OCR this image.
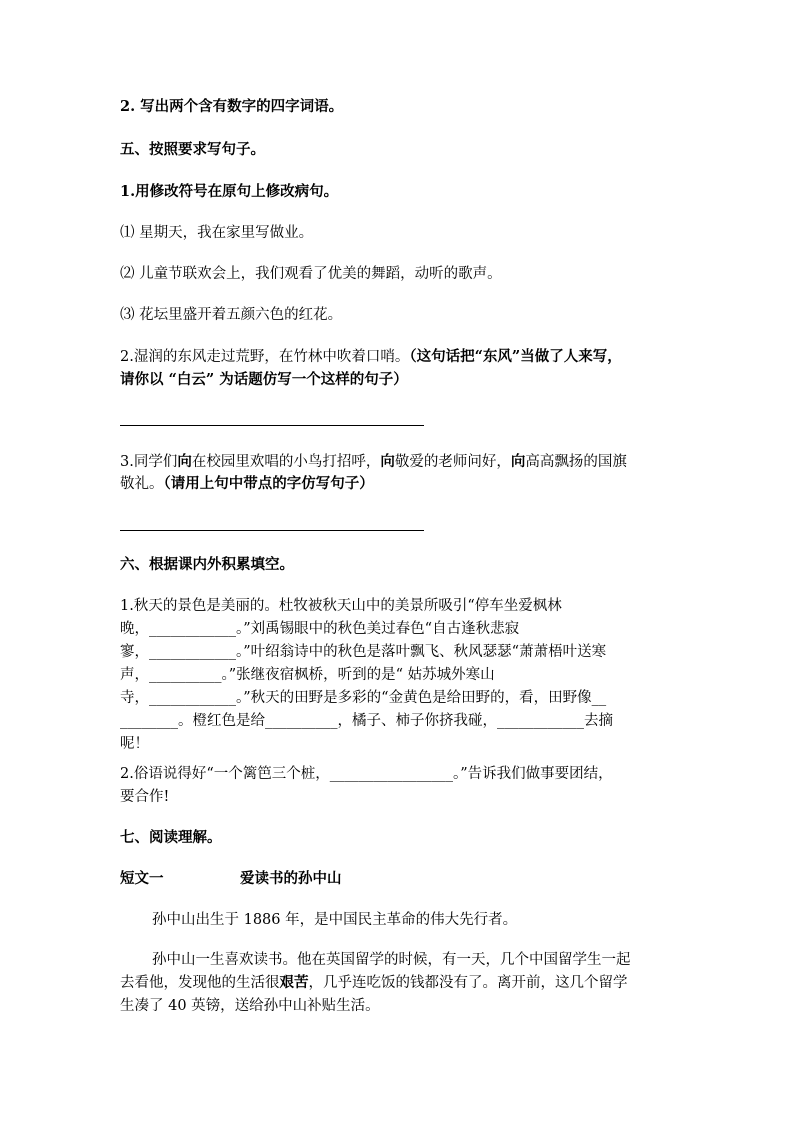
2. 写出两个含有数字的四字词语。
五、按照要求写句子。
1.用修改符号在原句上修改病句。
⑴ 星期天，我在家里写做业。
⑵ 儿童节联欢会上，我们观看了优美的舞蹈，动听的歌声。
⑶ 花坛里盛开着五颜六色的红花。
2.湿润的东风走过荒野，在竹林中吹着口哨。（这句话把“东风”当做了人来写，
请你以 “白云” 为话题仿写一个这样的句子）
3.同学们向在校园里欢唱的小鸟打招呼，向敬爱的老师问好，向高高飘扬的国旗
敬礼。（请用上句中带点的字仿写句子）
六、根据课内外积累填空。
1.秋天的景色是美丽的。杜牧被秋天山中的美景所吸引“停车坐爱枫林
晚，____________。”刘禹锡眼中的秋色美过春色“自古逢秋悲寂
寥，____________。”叶绍翁诗中的秋色是落叶飘飞、秋风瑟瑟“萧萧梧叶送寒
声，__________。”张继夜宿枫桥，听到的是“ 姑苏城外寒山
寺，____________。”秋天的田野是多彩的“金黄色是给田野的，看，田野像__
________。橙红色是给__________，橘子、柿子你挤我碰，____________去摘
呢！
2.俗语说得好“一个篱笆三个桩，_________________。”告诉我们做事要团结，
要合作!
七、阅读理解。
短文一	爱读书的孙中山
孙中山出生于 1886 年，是中国民主革命的伟大先行者。
孙中山一生喜欢读书。他在英国留学的时候，有一天，几个中国留学生一起
去看他，发现他的生活很艰苦，几乎连吃饭的钱都没有了。离开前，这几个留学
生凑了 40 英镑，送给孙中山补贴生活。
